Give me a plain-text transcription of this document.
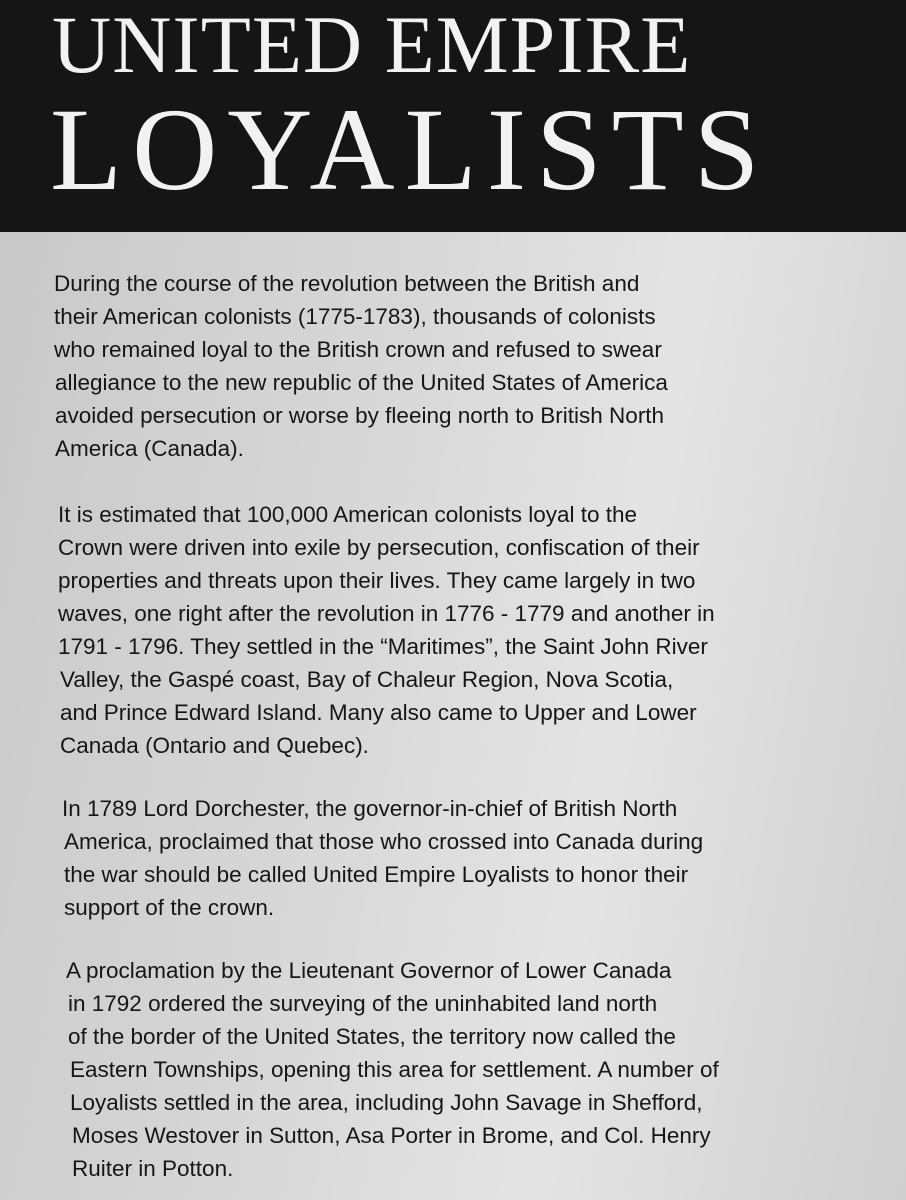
UNITED EMPIRE
LOYALISTS
During the course of the revolution between the British and
their American colonists (1775-1783), thousands of colonists
who remained loyal to the British crown and refused to swear
allegiance to the new republic of the United States of America
avoided persecution or worse by fleeing north to British North
America (Canada).
It is estimated that 100,000 American colonists loyal to the
Crown were driven into exile by persecution, confiscation of their
properties and threats upon their lives. They came largely in two
waves, one right after the revolution in 1776 - 1779 and another in
1791 - 1796. They settled in the “Maritimes”, the Saint John River
Valley, the Gaspé coast, Bay of Chaleur Region, Nova Scotia,
and Prince Edward Island. Many also came to Upper and Lower
Canada (Ontario and Quebec).
In 1789 Lord Dorchester, the governor-in-chief of British North
America, proclaimed that those who crossed into Canada during
the war should be called United Empire Loyalists to honor their
support of the crown.
A proclamation by the Lieutenant Governor of Lower Canada
in 1792 ordered the surveying of the uninhabited land north
of the border of the United States, the territory now called the
Eastern Townships, opening this area for settlement. A number of
Loyalists settled in the area, including John Savage in Shefford,
Moses Westover in Sutton, Asa Porter in Brome, and Col. Henry
Ruiter in Potton.
